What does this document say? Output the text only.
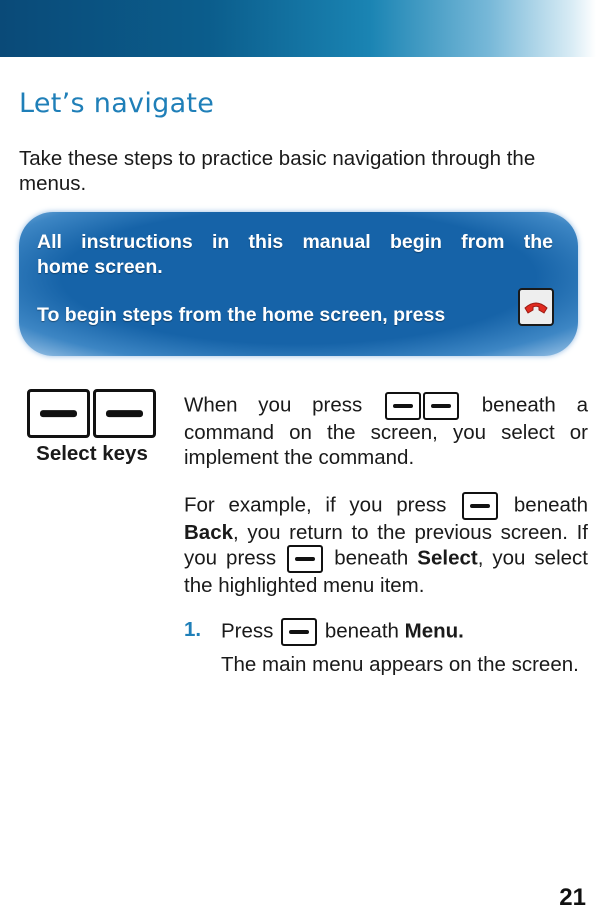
Let’s navigate

Take these steps to practice basic navigation through the menus.

All instructions in this manual begin from the
home screen.
To begin steps from the home screen, press
Select keys

When you press	beneath a command on the screen, you select or implement the command.

For example, if you press	beneath Back, you return to the previous screen. If you press	beneath Select, you select the highlighted menu item.

1. Press	beneath Menu.

The main menu appears on the screen.

21
